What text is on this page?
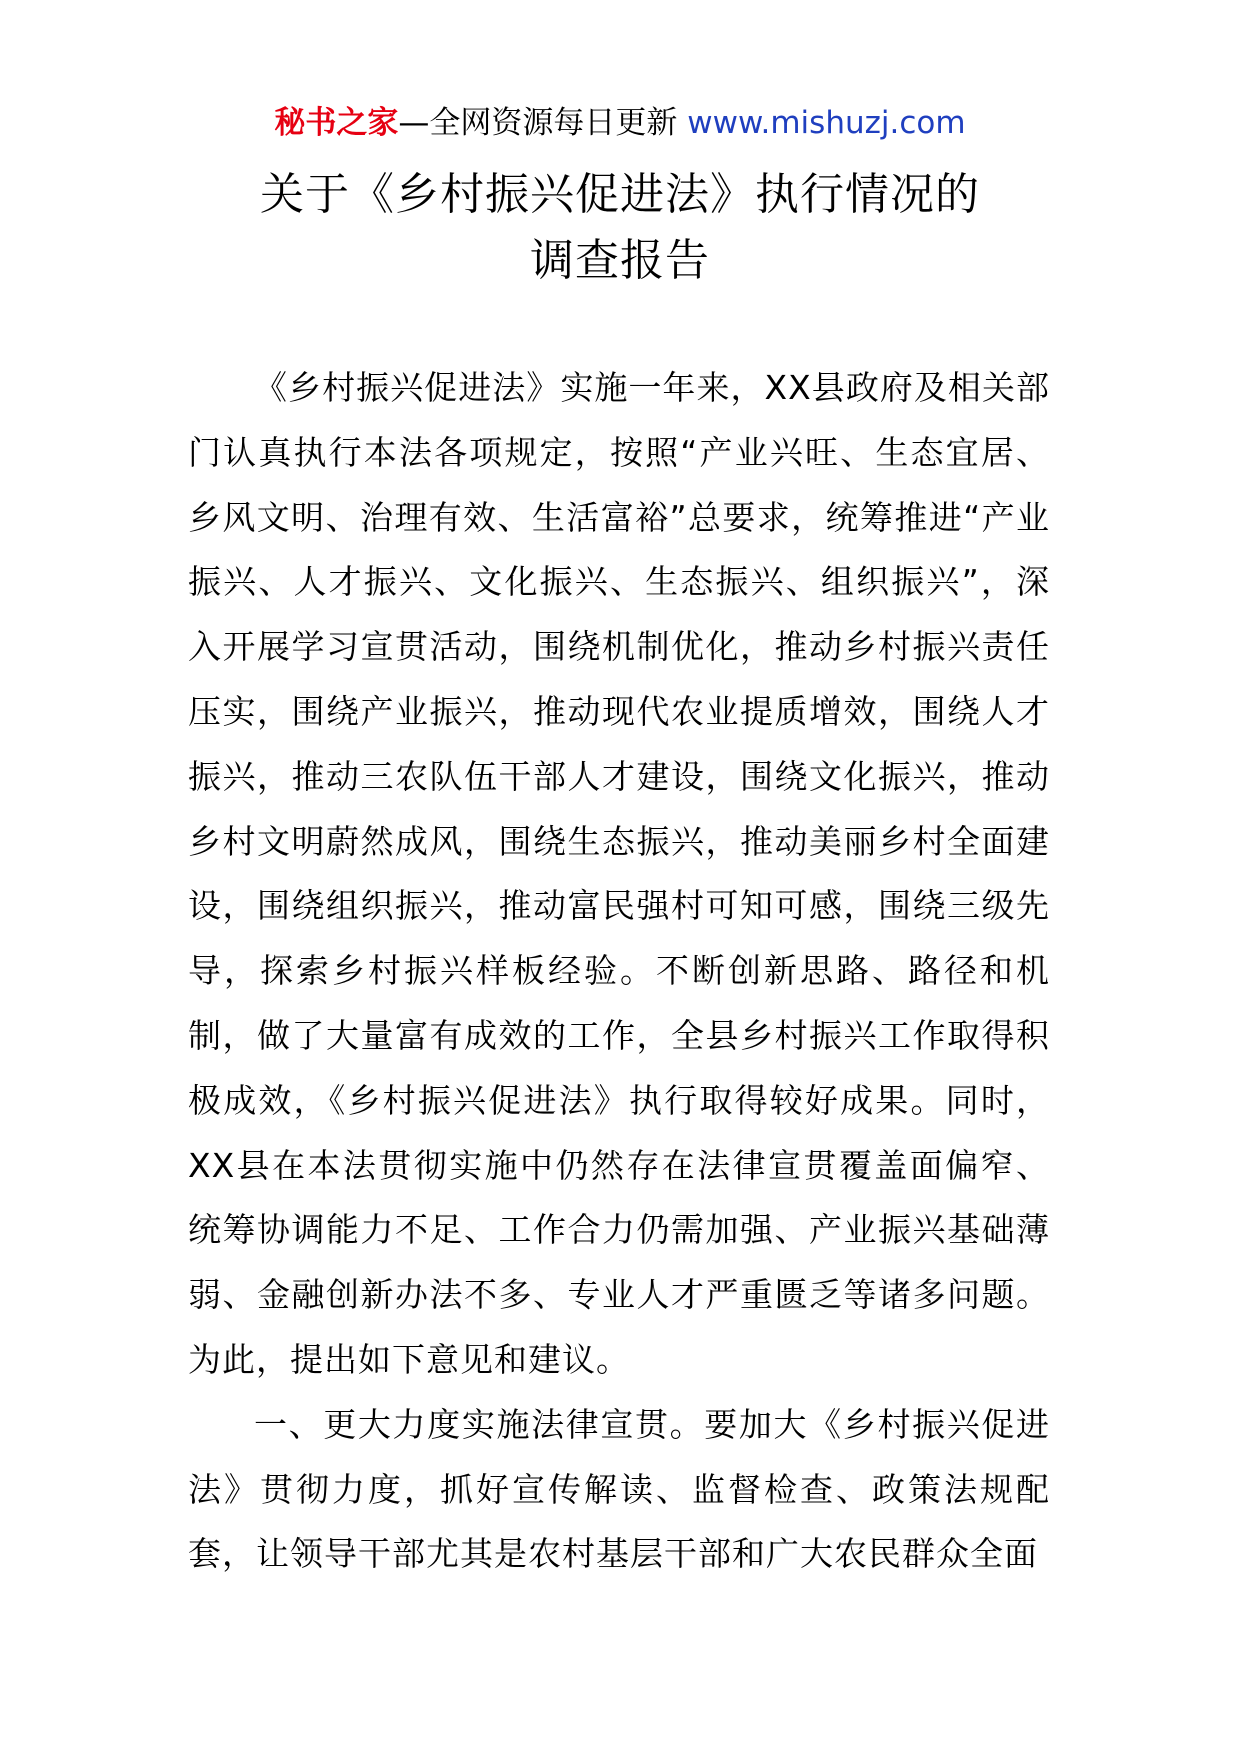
秘书之家—全网资源每日更新 www.mishuzj.com
关于《乡村振兴促进法》执行情况的
调查报告

《乡村振兴促进法》实施一年来，XX县政府及相关部门认真执行本法各项规定，按照“产业兴旺、生态宜居、乡风文明、治理有效、生活富裕”总要求，统筹推进“产业振兴、人才振兴、文化振兴、生态振兴、组织振兴”，深入开展学习宣贯活动，围绕机制优化，推动乡村振兴责任压实，围绕产业振兴，推动现代农业提质增效，围绕人才振兴，推动三农队伍干部人才建设，围绕文化振兴，推动乡村文明蔚然成风，围绕生态振兴，推动美丽乡村全面建设，围绕组织振兴，推动富民强村可知可感，围绕三级先导，探索乡村振兴样板经验。不断创新思路、路径和机制，做了大量富有成效的工作，全县乡村振兴工作取得积极成效，《乡村振兴促进法》执行取得较好成果。同时，XX县在本法贯彻实施中仍然存在法律宣贯覆盖面偏窄、统筹协调能力不足、工作合力仍需加强、产业振兴基础薄弱、金融创新办法不多、专业人才严重匮乏等诸多问题。为此，提出如下意见和建议。

一、更大力度实施法律宣贯。要加大《乡村振兴促进法》贯彻力度，抓好宣传解读、监督检查、政策法规配套，让领导干部尤其是农村基层干部和广大农民群众全面
